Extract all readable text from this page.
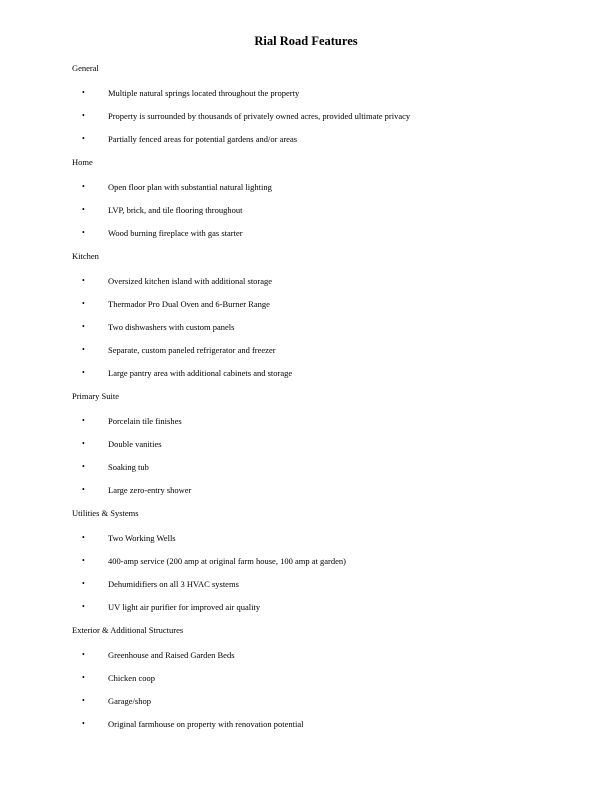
Rial Road Features
General
•	Multiple natural springs located throughout the property
•	Property is surrounded by thousands of privately owned acres, provided ultimate privacy
•	Partially fenced areas for potential gardens and/or areas
Home
•	Open floor plan with substantial natural lighting
•	LVP, brick, and tile flooring throughout
•	Wood burning fireplace with gas starter
Kitchen
•	Oversized kitchen island with additional storage
•	Thermador Pro Dual Oven and 6-Burner Range
•	Two dishwashers with custom panels
•	Separate, custom paneled refrigerator and freezer
•	Large pantry area with additional cabinets and storage
Primary Suite
•	Porcelain tile finishes
•	Double vanities
•	Soaking tub
•	Large zero-entry shower
Utilities & Systems
•	Two Working Wells
•	400-amp service (200 amp at original farm house, 100 amp at garden)
•	Dehumidifiers on all 3 HVAC systems
•	UV light air purifier for improved air quality
Exterior & Additional Structures
•	Greenhouse and Raised Garden Beds
•	Chicken coop
•	Garage/shop
•	Original farmhouse on property with renovation potential
